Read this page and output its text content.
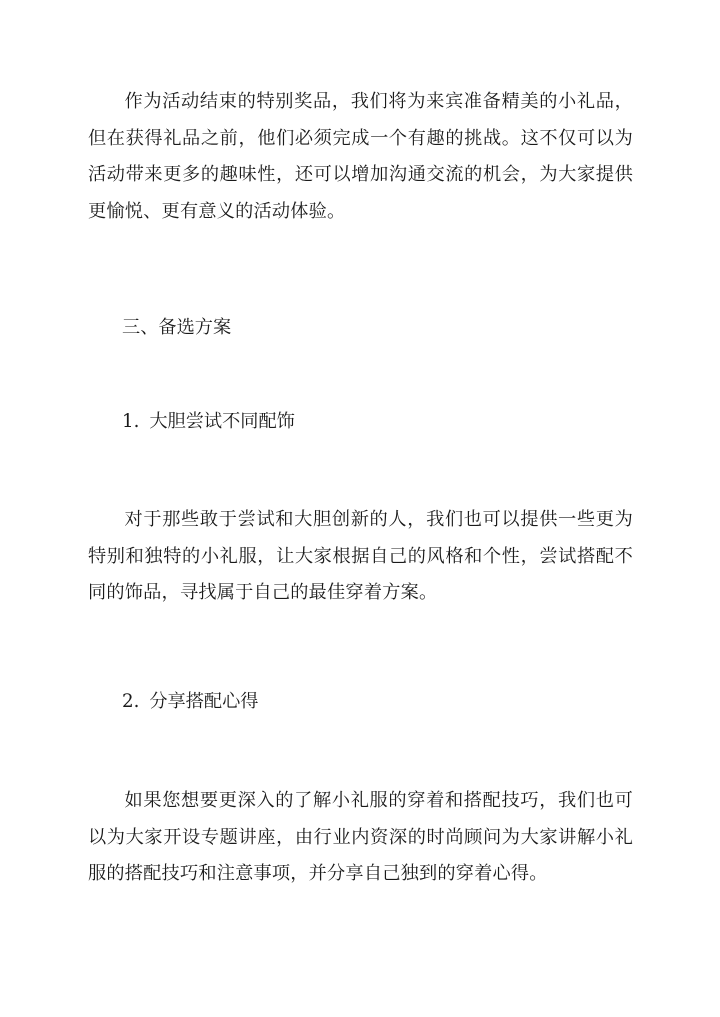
作为活动结束的特别奖品，我们将为来宾准备精美的小礼品，但在获得礼品之前，他们必须完成一个有趣的挑战。这不仅可以为活动带来更多的趣味性，还可以增加沟通交流的机会，为大家提供更愉悦、更有意义的活动体验。

三、备选方案
1. 大胆尝试不同配饰

对于那些敢于尝试和大胆创新的人，我们也可以提供一些更为特别和独特的小礼服，让大家根据自己的风格和个性，尝试搭配不同的饰品，寻找属于自己的最佳穿着方案。

2. 分享搭配心得

如果您想要更深入的了解小礼服的穿着和搭配技巧，我们也可以为大家开设专题讲座，由行业内资深的时尚顾问为大家讲解小礼服的搭配技巧和注意事项，并分享自己独到的穿着心得。
